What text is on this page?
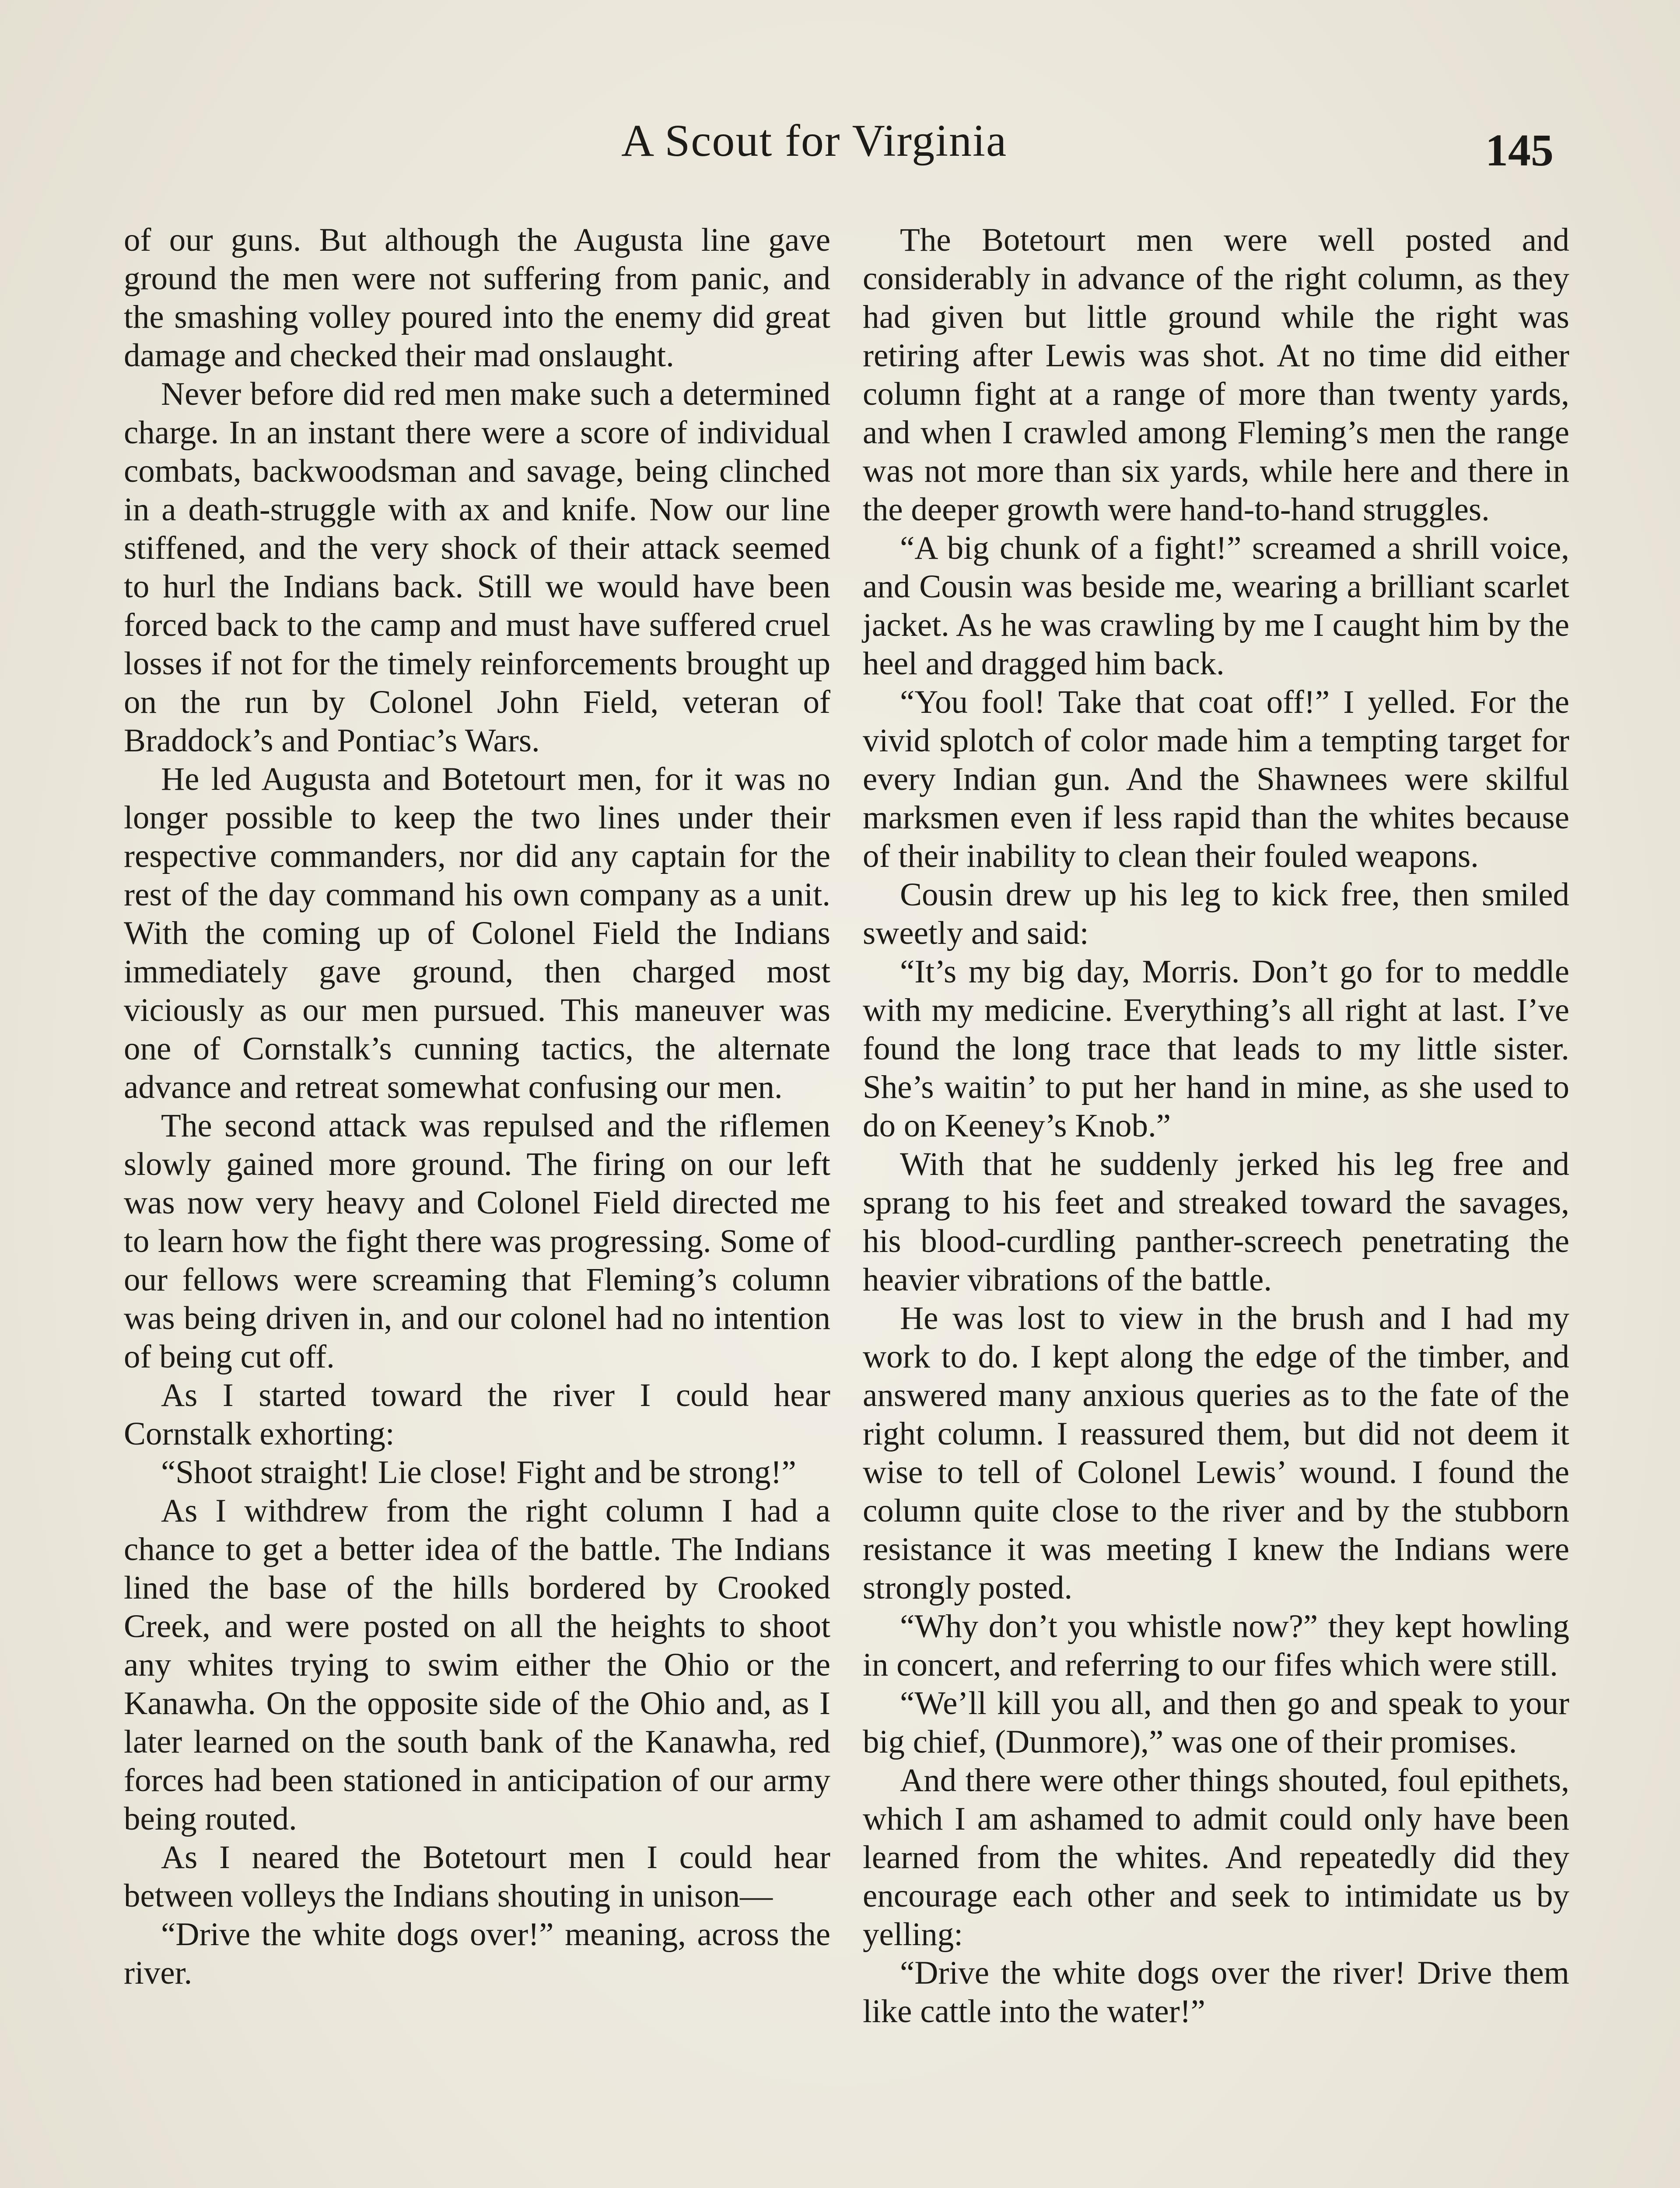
A Scout for Virginia	145

of our guns. But although the Augusta line gave ground the men were not suffering from panic, and the smashing volley poured into the enemy did great damage and checked their mad onslaught.

Never before did red men make such a determined charge. In an instant there were a score of individual combats, backwoodsman and savage, being clinched in a death-struggle with ax and knife. Now our line stiffened, and the very shock of their attack seemed to hurl the Indians back. Still we would have been forced back to the camp and must have suffered cruel losses if not for the timely reinforcements brought up on the run by Colonel John Field, veteran of Braddock’s and Pontiac’s Wars.

He led Augusta and Botetourt men, for it was no longer possible to keep the two lines under their respective commanders, nor did any captain for the rest of the day command his own company as a unit. With the coming up of Colonel Field the Indians immediately gave ground, then charged most viciously as our men pursued. This maneuver was one of Cornstalk’s cunning tactics, the alternate advance and retreat somewhat confusing our men.

The second attack was repulsed and the riflemen slowly gained more ground. The firing on our left was now very heavy and Colonel Field directed me to learn how the fight there was progressing. Some of our fellows were screaming that Fleming’s column was being driven in, and our colonel had no intention of being cut off.

As I started toward the river I could hear Cornstalk exhorting:

“Shoot straight! Lie close! Fight and be strong!”

As I withdrew from the right column I had a chance to get a better idea of the battle. The Indians lined the base of the hills bordered by Crooked Creek, and were posted on all the heights to shoot any whites trying to swim either the Ohio or the Kanawha. On the opposite side of the Ohio and, as I later learned on the south bank of the Kanawha, red forces had been stationed in anticipation of our army being routed.

As I neared the Botetourt men I could hear between volleys the Indians shouting in unison—

“Drive the white dogs over!” meaning, across the river.

The Botetourt men were well posted and considerably in advance of the right column, as they had given but little ground while the right was retiring after Lewis was shot. At no time did either column fight at a range of more than twenty yards, and when I crawled among Fleming’s men the range was not more than six yards, while here and there in the deeper growth were hand-to-hand struggles.

“A big chunk of a fight!” screamed a shrill voice, and Cousin was beside me, wearing a brilliant scarlet jacket. As he was crawling by me I caught him by the heel and dragged him back.

“You fool! Take that coat off!” I yelled. For the vivid splotch of color made him a tempting target for every Indian gun. And the Shawnees were skilful marksmen even if less rapid than the whites because of their inability to clean their fouled weapons.

Cousin drew up his leg to kick free, then smiled sweetly and said:

“It’s my big day, Morris. Don’t go for to meddle with my medicine. Everything’s all right at last. I’ve found the long trace that leads to my little sister. She’s waitin’ to put her hand in mine, as she used to do on Keeney’s Knob.”

With that he suddenly jerked his leg free and sprang to his feet and streaked toward the savages, his blood-curdling panther-screech penetrating the heavier vibrations of the battle.

He was lost to view in the brush and I had my work to do. I kept along the edge of the timber, and answered many anxious queries as to the fate of the right column. I reassured them, but did not deem it wise to tell of Colonel Lewis’ wound. I found the column quite close to the river and by the stubborn resistance it was meeting I knew the Indians were strongly posted.

“Why don’t you whistle now?” they kept howling in concert, and referring to our fifes which were still.

“We’ll kill you all, and then go and speak to your big chief, (Dunmore),” was one of their promises.

And there were other things shouted, foul epithets, which I am ashamed to admit could only have been learned from the whites. And repeatedly did they encourage each other and seek to intimidate us by yelling:

“Drive the white dogs over the river! Drive them like cattle into the water!”
